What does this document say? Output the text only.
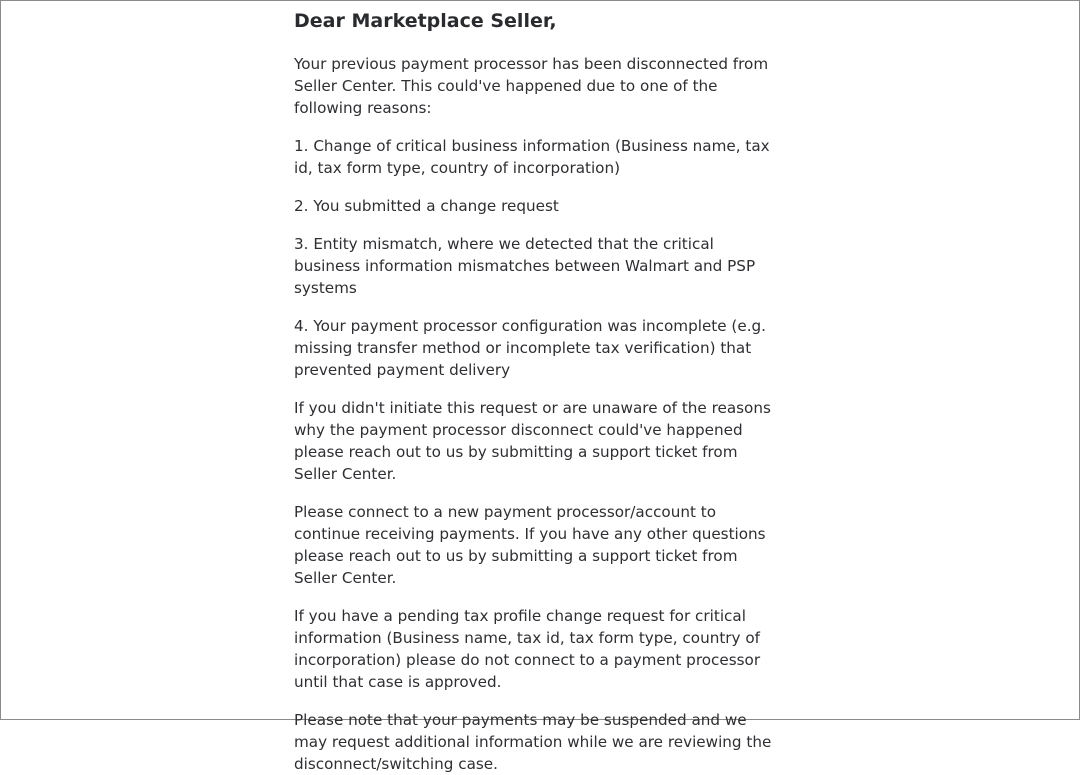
Dear Marketplace Seller,

Your previous payment processor has been disconnected from Seller Center. This could've happened due to one of the following reasons:

1. Change of critical business information (Business name, tax id, tax form type, country of incorporation)

2. You submitted a change request

3. Entity mismatch, where we detected that the critical business information mismatches between Walmart and PSP systems

4. Your payment processor configuration was incomplete (e.g. missing transfer method or incomplete tax verification) that prevented payment delivery

If you didn't initiate this request or are unaware of the reasons why the payment processor disconnect could've happened please reach out to us by submitting a support ticket from Seller Center.

Please connect to a new payment processor/account to continue receiving payments. If you have any other questions please reach out to us by submitting a support ticket from Seller Center.

If you have a pending tax profile change request for critical information (Business name, tax id, tax form type, country of incorporation) please do not connect to a payment processor until that case is approved.

Please note that your payments may be suspended and we may request additional information while we are reviewing the disconnect/switching case.
